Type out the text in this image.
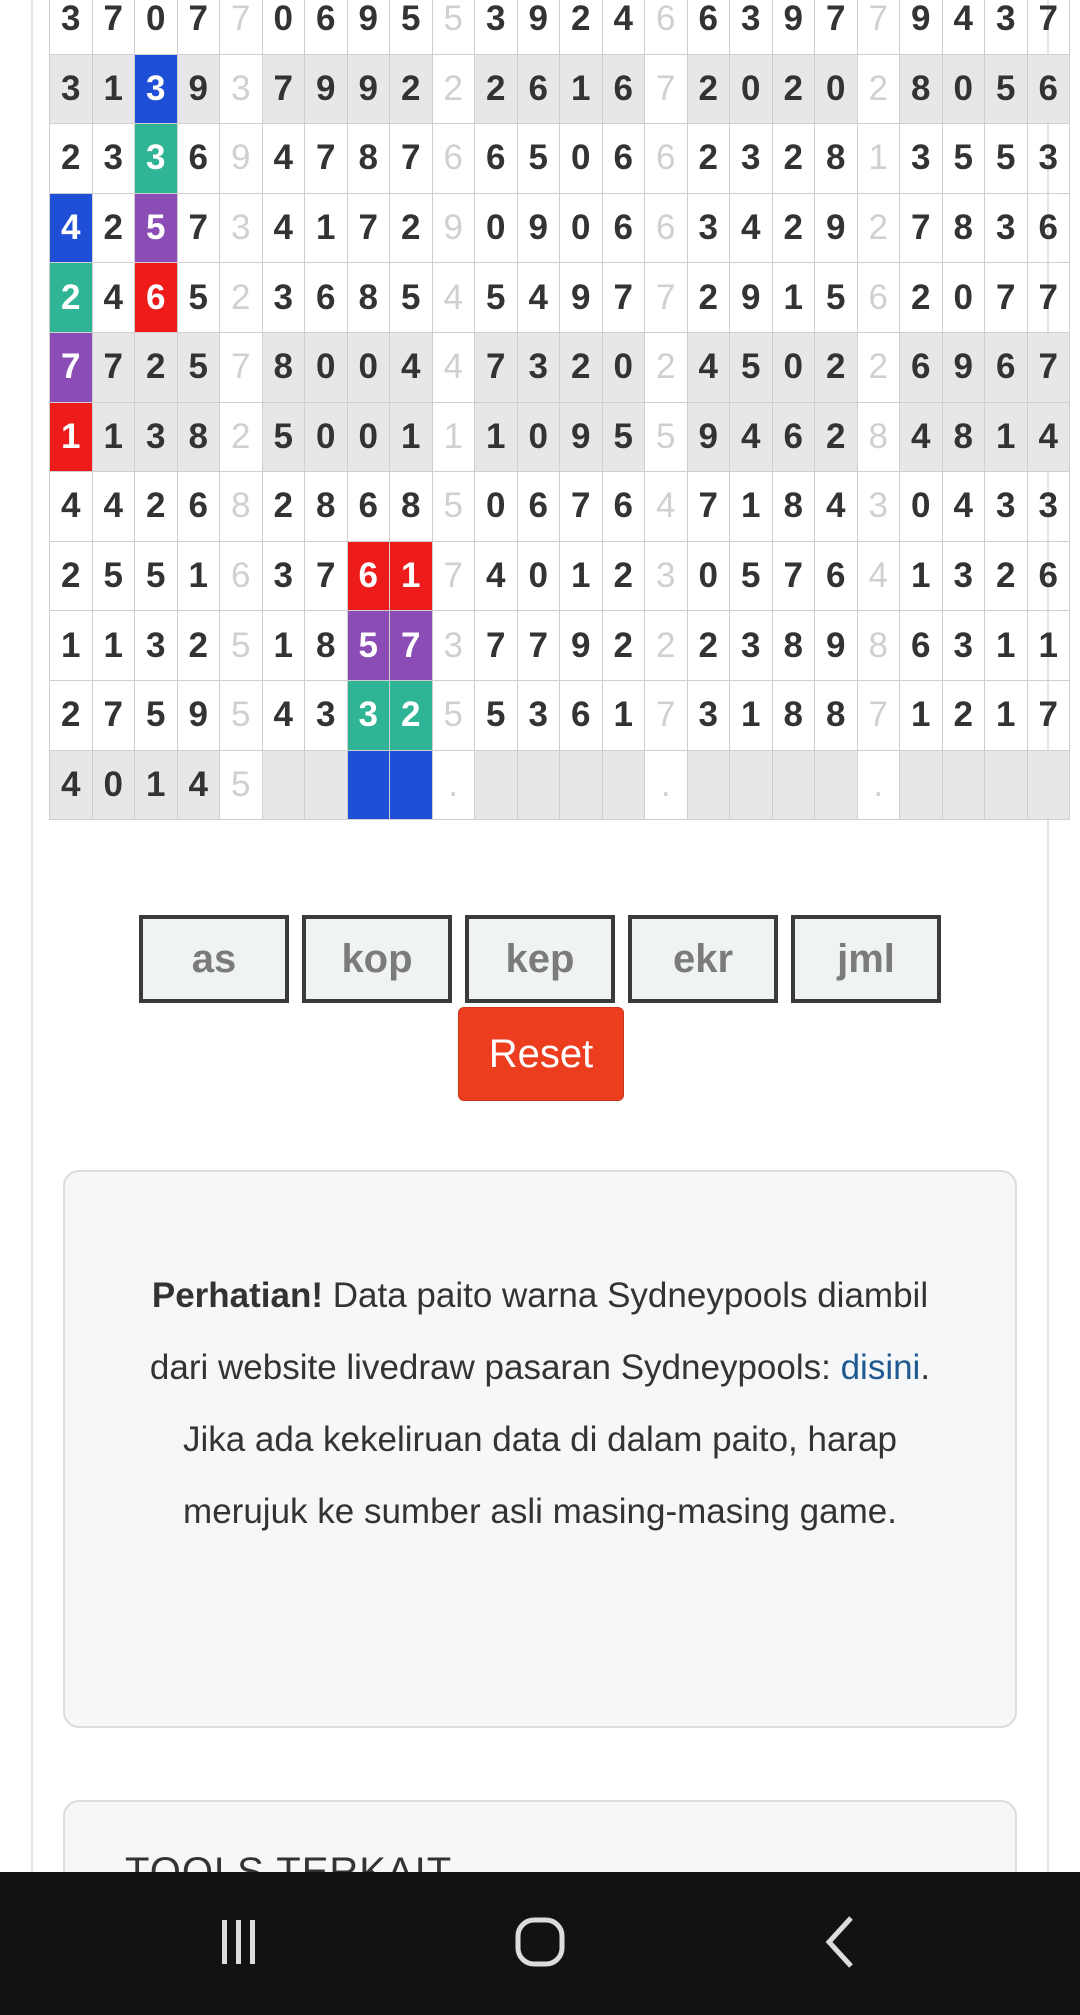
3	7	0	7	7	0	6	9	5	5	3	9	2	4	6	6	3	9	7	7	9	4	3	7
3	1	3	9	3	7	9	9	2	2	2	6	1	6	7	2	0	2	0	2	8	0	5	6
2	3	3	6	9	4	7	8	7	6	6	5	0	6	6	2	3	2	8	1	3	5	5	3
4	2	5	7	3	4	1	7	2	9	0	9	0	6	6	3	4	2	9	2	7	8	3	6
2	4	6	5	2	3	6	8	5	4	5	4	9	7	7	2	9	1	5	6	2	0	7	7
7	7	2	5	7	8	0	0	4	4	7	3	2	0	2	4	5	0	2	2	6	9	6	7
1	1	3	8	2	5	0	0	1	1	1	0	9	5	5	9	4	6	2	8	4	8	1	4
4	4	2	6	8	2	8	6	8	5	0	6	7	6	4	7	1	8	4	3	0	4	3	3
2	5	5	1	6	3	7	6	1	7	4	0	1	2	3	0	5	7	6	4	1	3	2	6
1	1	3	2	5	1	8	5	7	3	7	7	9	2	2	2	3	8	9	8	6	3	1	1
2	7	5	9	5	4	3	3	2	5	5	3	6	1	7	3	1	8	8	7	1	2	1	7
4	0	1	4	5					.					.					.				
as	kop	kep	ekr	jml
Reset
Perhatian! Data paito warna Sydneypools diambil dari website livedraw pasaran Sydneypools: disini. Jika ada kekeliruan data di dalam paito, harap merujuk ke sumber asli masing-masing game.
